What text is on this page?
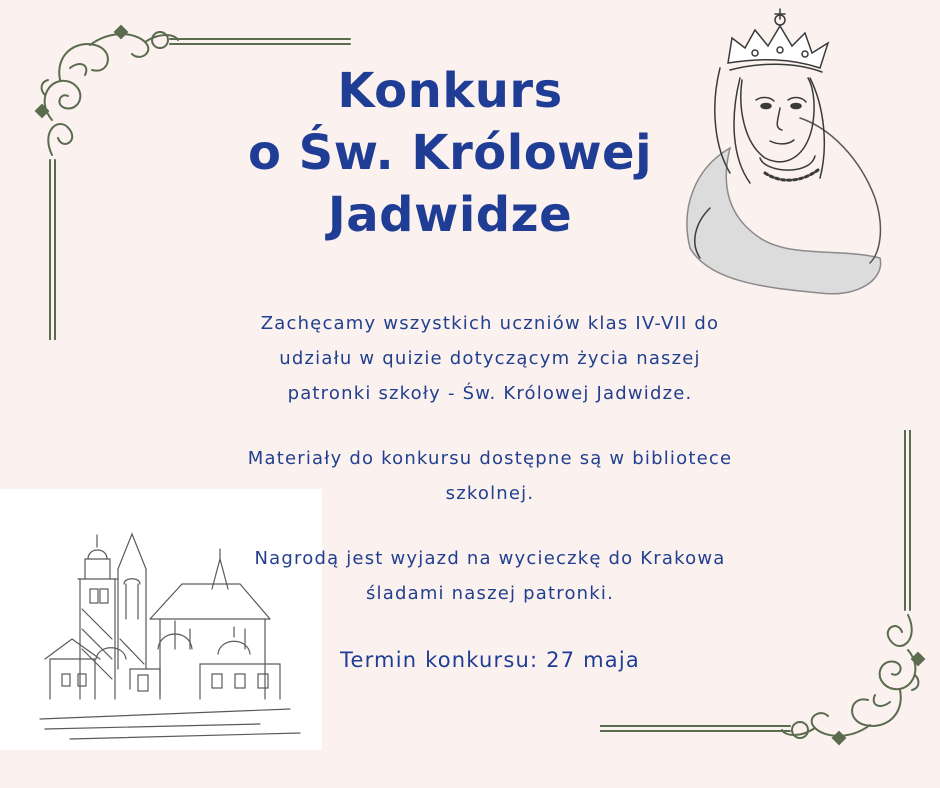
Konkurs
o Św. Królowej
Jadwidze
Zachęcamy wszystkich uczniów klas IV-VII do
udziału w quizie dotyczącym życia naszej
patronki szkoły - Św. Królowej Jadwidze.
Materiały do konkursu dostępne są w bibliotece
szkolnej.
Nagrodą jest wyjazd na wycieczkę do Krakowa
śladami naszej patronki.
Termin konkursu: 27 maja
